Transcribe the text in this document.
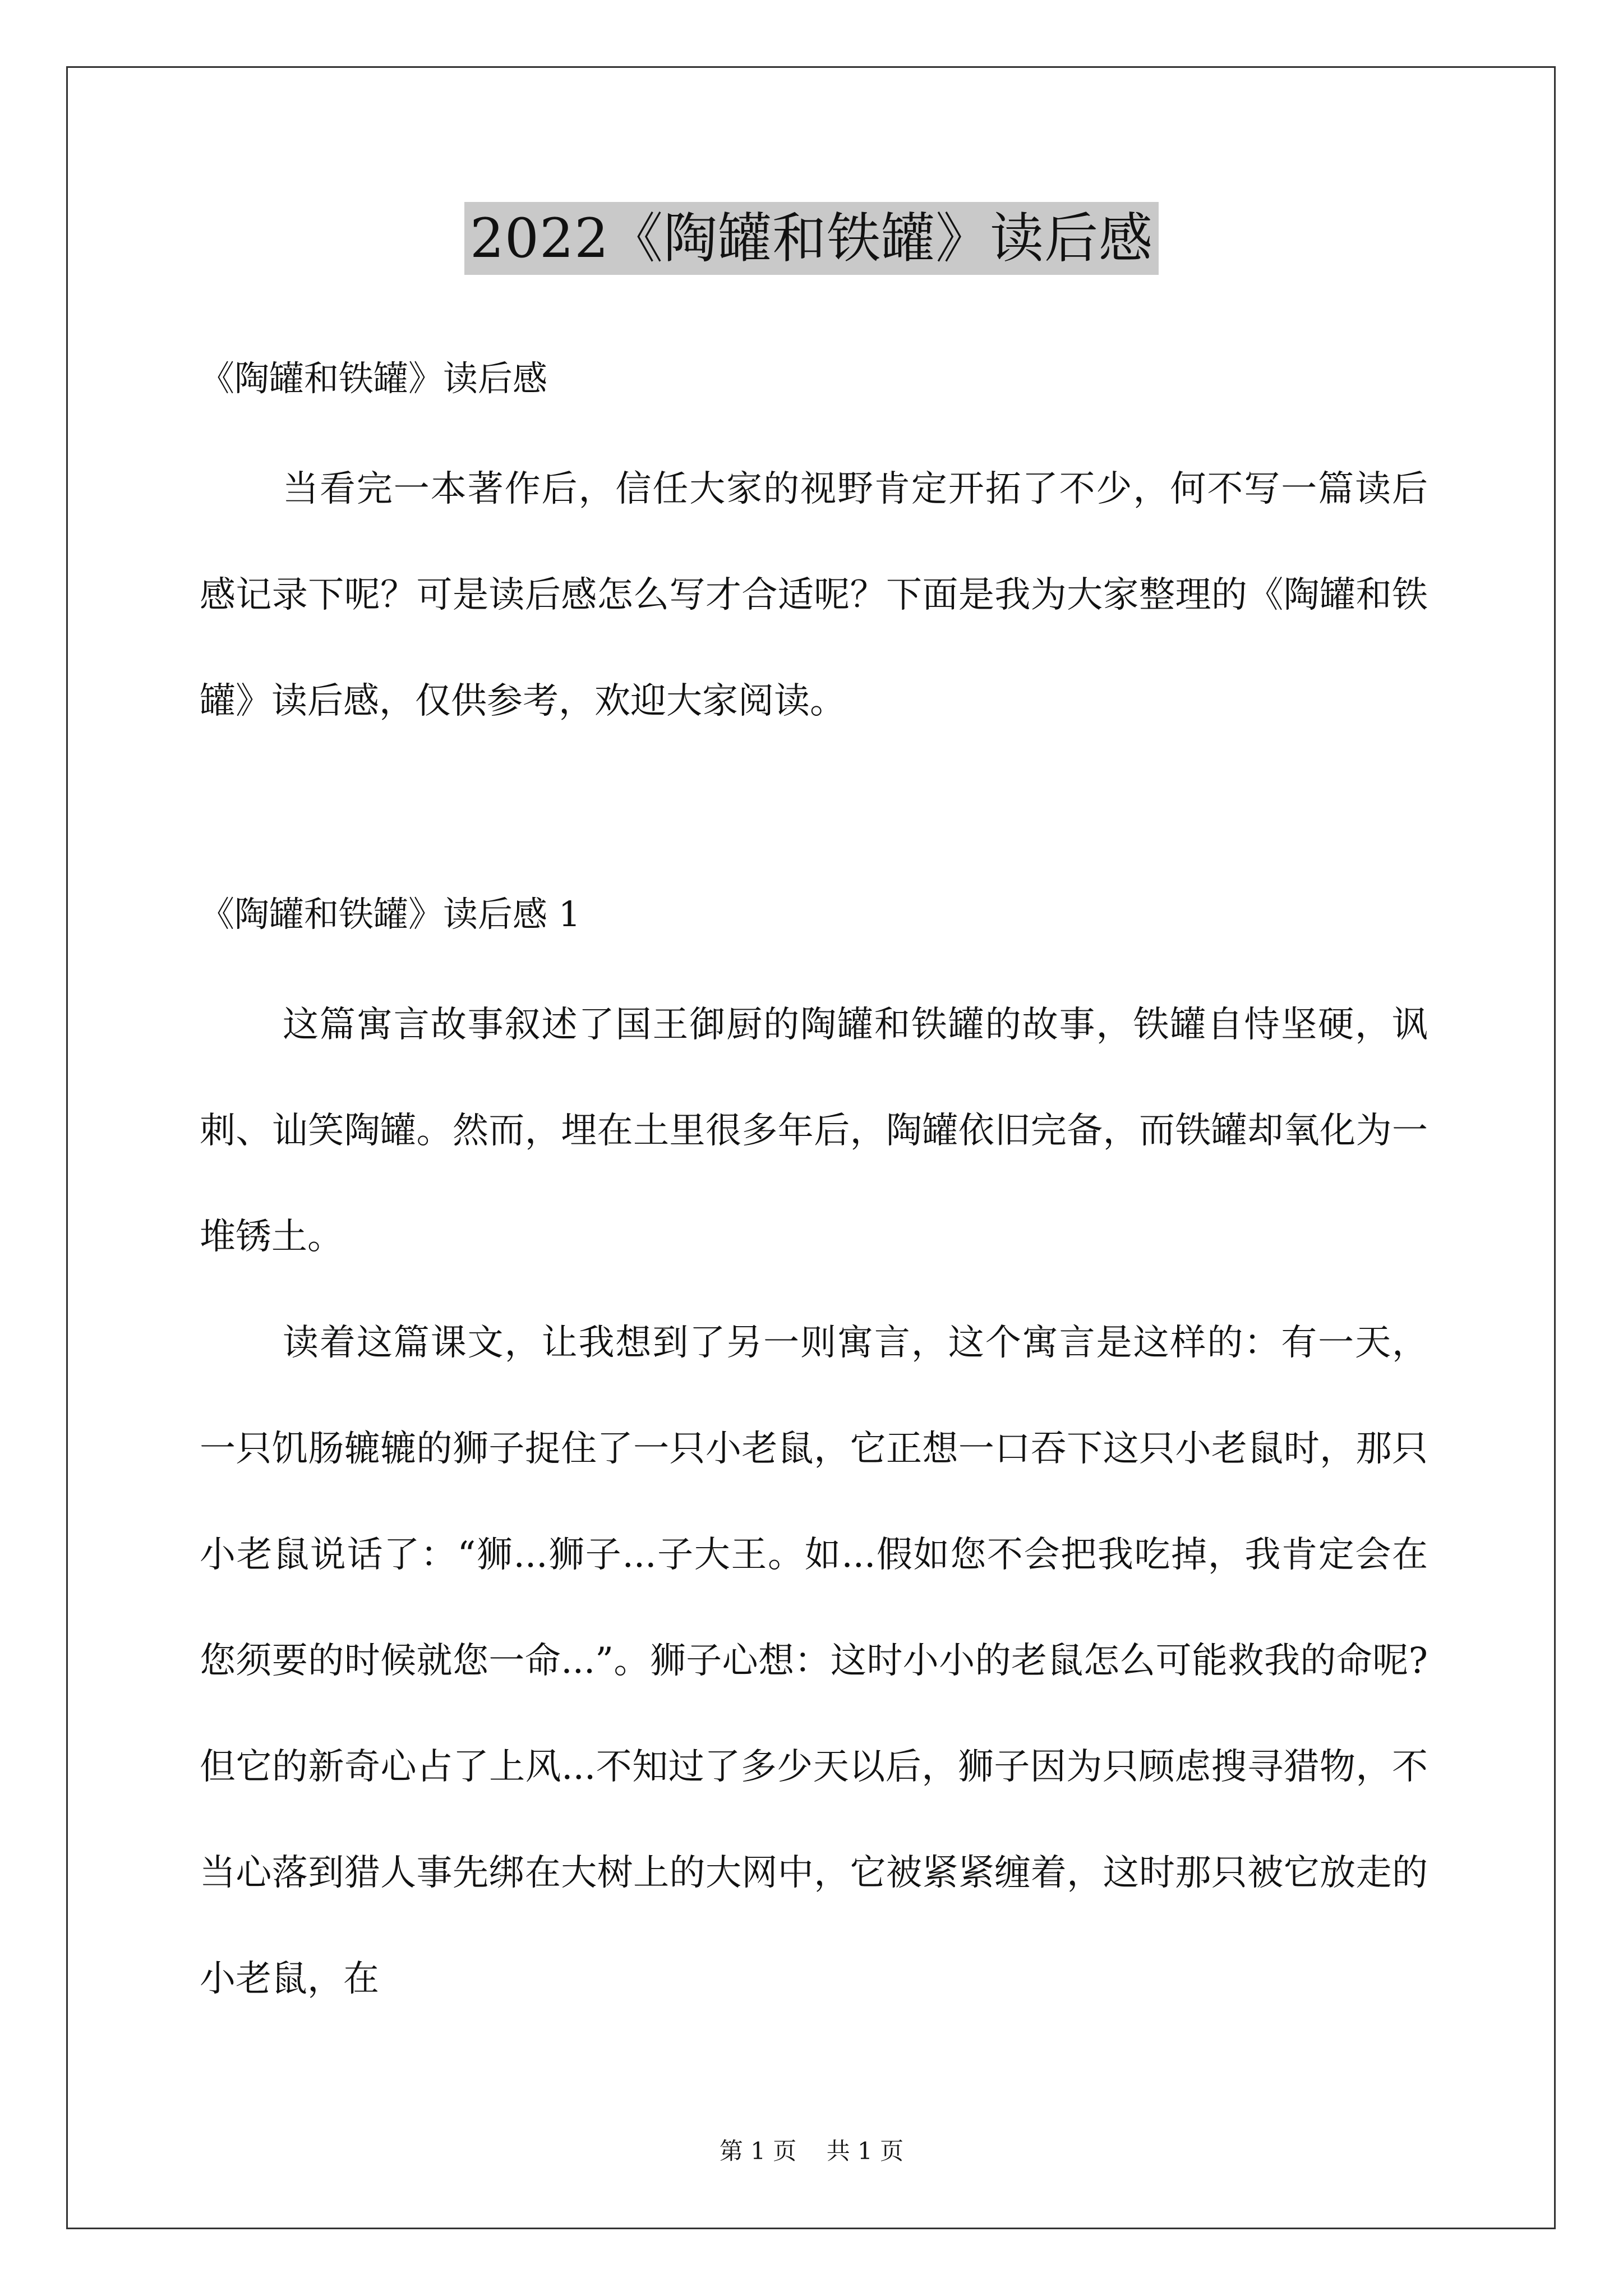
2022《陶罐和铁罐》读后感
《陶罐和铁罐》读后感

当看完一本著作后，信任大家的视野肯定开拓了不少，何不写一篇读后感记录下呢？可是读后感怎么写才合适呢？下面是我为大家整理的《陶罐和铁罐》读后感，仅供参考，欢迎大家阅读。

《陶罐和铁罐》读后感 1

这篇寓言故事叙述了国王御厨的陶罐和铁罐的故事，铁罐自恃坚硬，讽刺、讪笑陶罐。然而，埋在土里很多年后，陶罐依旧完备，而铁罐却氧化为一堆锈土。

读着这篇课文，让我想到了另一则寓言，这个寓言是这样的：有一天，一只饥肠辘辘的狮子捉住了一只小老鼠，它正想一口吞下这只小老鼠时，那只小老鼠说话了：“狮...狮子...子大王。如...假如您不会把我吃掉，我肯定会在您须要的时候就您一命...”。狮子心想：这时小小的老鼠怎么可能救我的命呢?但它的新奇心占了上风...不知过了多少天以后，狮子因为只顾虑搜寻猎物，不当心落到猎人事先绑在大树上的大网中，它被紧紧缠着，这时那只被它放走的小老鼠，在

第 1 页    共 1 页
